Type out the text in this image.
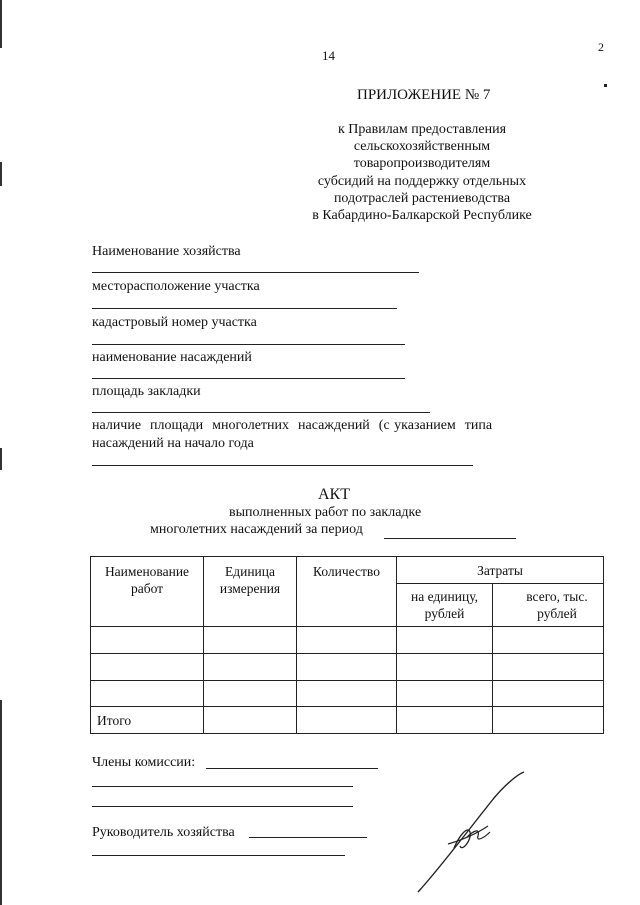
14
2
ПРИЛОЖЕНИЕ № 7
к Правилам предоставления
сельскохозяйственным
товаропроизводителям
субсидий на поддержку отдельных
подотраслей растениеводства
в Кабардино-Балкарской Республике
Наименование хозяйства
месторасположение участка
кадастровый номер участка
наименование насаждений
площадь закладки
наличие  площади  многолетних  насаждений  (с указанием  типа
насаждений на начало года
АКТ
выполненных работ по закладке
многолетних насаждений за период
Наименование работ	Единица измерения	Количество	Затраты	
			на единицу, рублей	всего, тыс. рублей

Итого				
Члены комиссии:
Руководитель хозяйства
